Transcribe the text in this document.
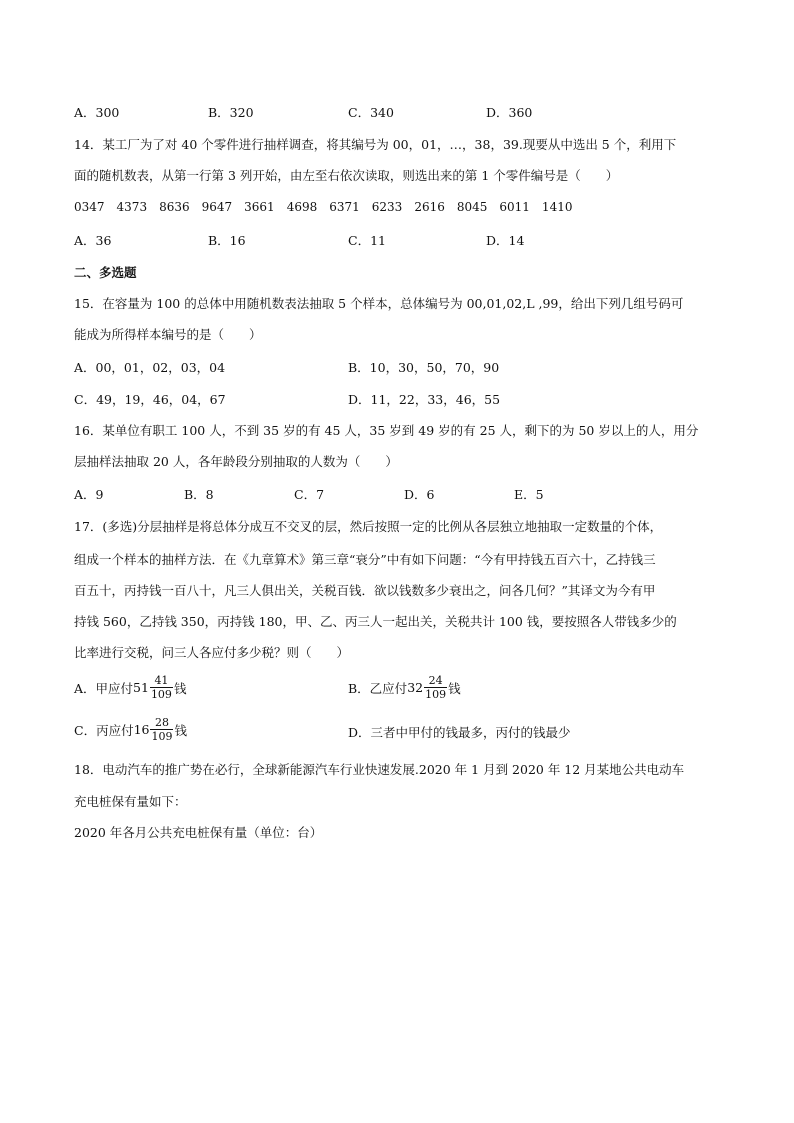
A．300	B．320	C．340	D．360
14．某工厂为了对 40 个零件进行抽样调查，将其编号为 00，01，…，38，39.现要从中选出 5 个，利用下
面的随机数表，从第一行第 3 列开始，由左至右依次读取，则选出来的第 1 个零件编号是（　　）
0347　4373　8636　9647　3661　4698　6371　6233　2616　8045　6011　1410
A．36	B．16	C．11	D．14
二、多选题
15．在容量为 100 的总体中用随机数表法抽取 5 个样本，总体编号为 00,01,02,L ,99，给出下列几组号码可
能成为所得样本编号的是（　　）
A．00，01，02，03，04	B．10，30，50，70，90
C．49，19，46，04，67	D．11，22，33，46，55
16．某单位有职工 100 人，不到 35 岁的有 45 人，35 岁到 49 岁的有 25 人，剩下的为 50 岁以上的人，用分
层抽样法抽取 20 人，各年龄段分别抽取的人数为（　　）
A．9	B．8	C．7	D．6	E．5
17．(多选)分层抽样是将总体分成互不交叉的层，然后按照一定的比例从各层独立地抽取一定数量的个体，
组成一个样本的抽样方法．在《九章算术》第三章“衰分”中有如下问题：“今有甲持钱五百六十，乙持钱三
百五十，丙持钱一百八十，凡三人俱出关，关税百钱．欲以钱数多少衰出之，问各几何？”其译文为今有甲
持钱 560，乙持钱 350，丙持钱 180，甲、乙、丙三人一起出关，关税共计 100 钱，要按照各人带钱多少的
比率进行交税，问三人各应付多少税？则（　　）
A．甲应付 $51 \frac{41}{109}$ 钱	B．乙应付 $32 \frac{24}{109}$ 钱
C．丙应付 $16 \frac{28}{109}$ 钱	D．三者中甲付的钱最多，丙付的钱最少
18．电动汽车的推广势在必行，全球新能源汽车行业快速发展.2020 年 1 月到 2020 年 12 月某地公共电动车
充电桩保有量如下：
2020 年各月公共充电桩保有量（单位：台）
